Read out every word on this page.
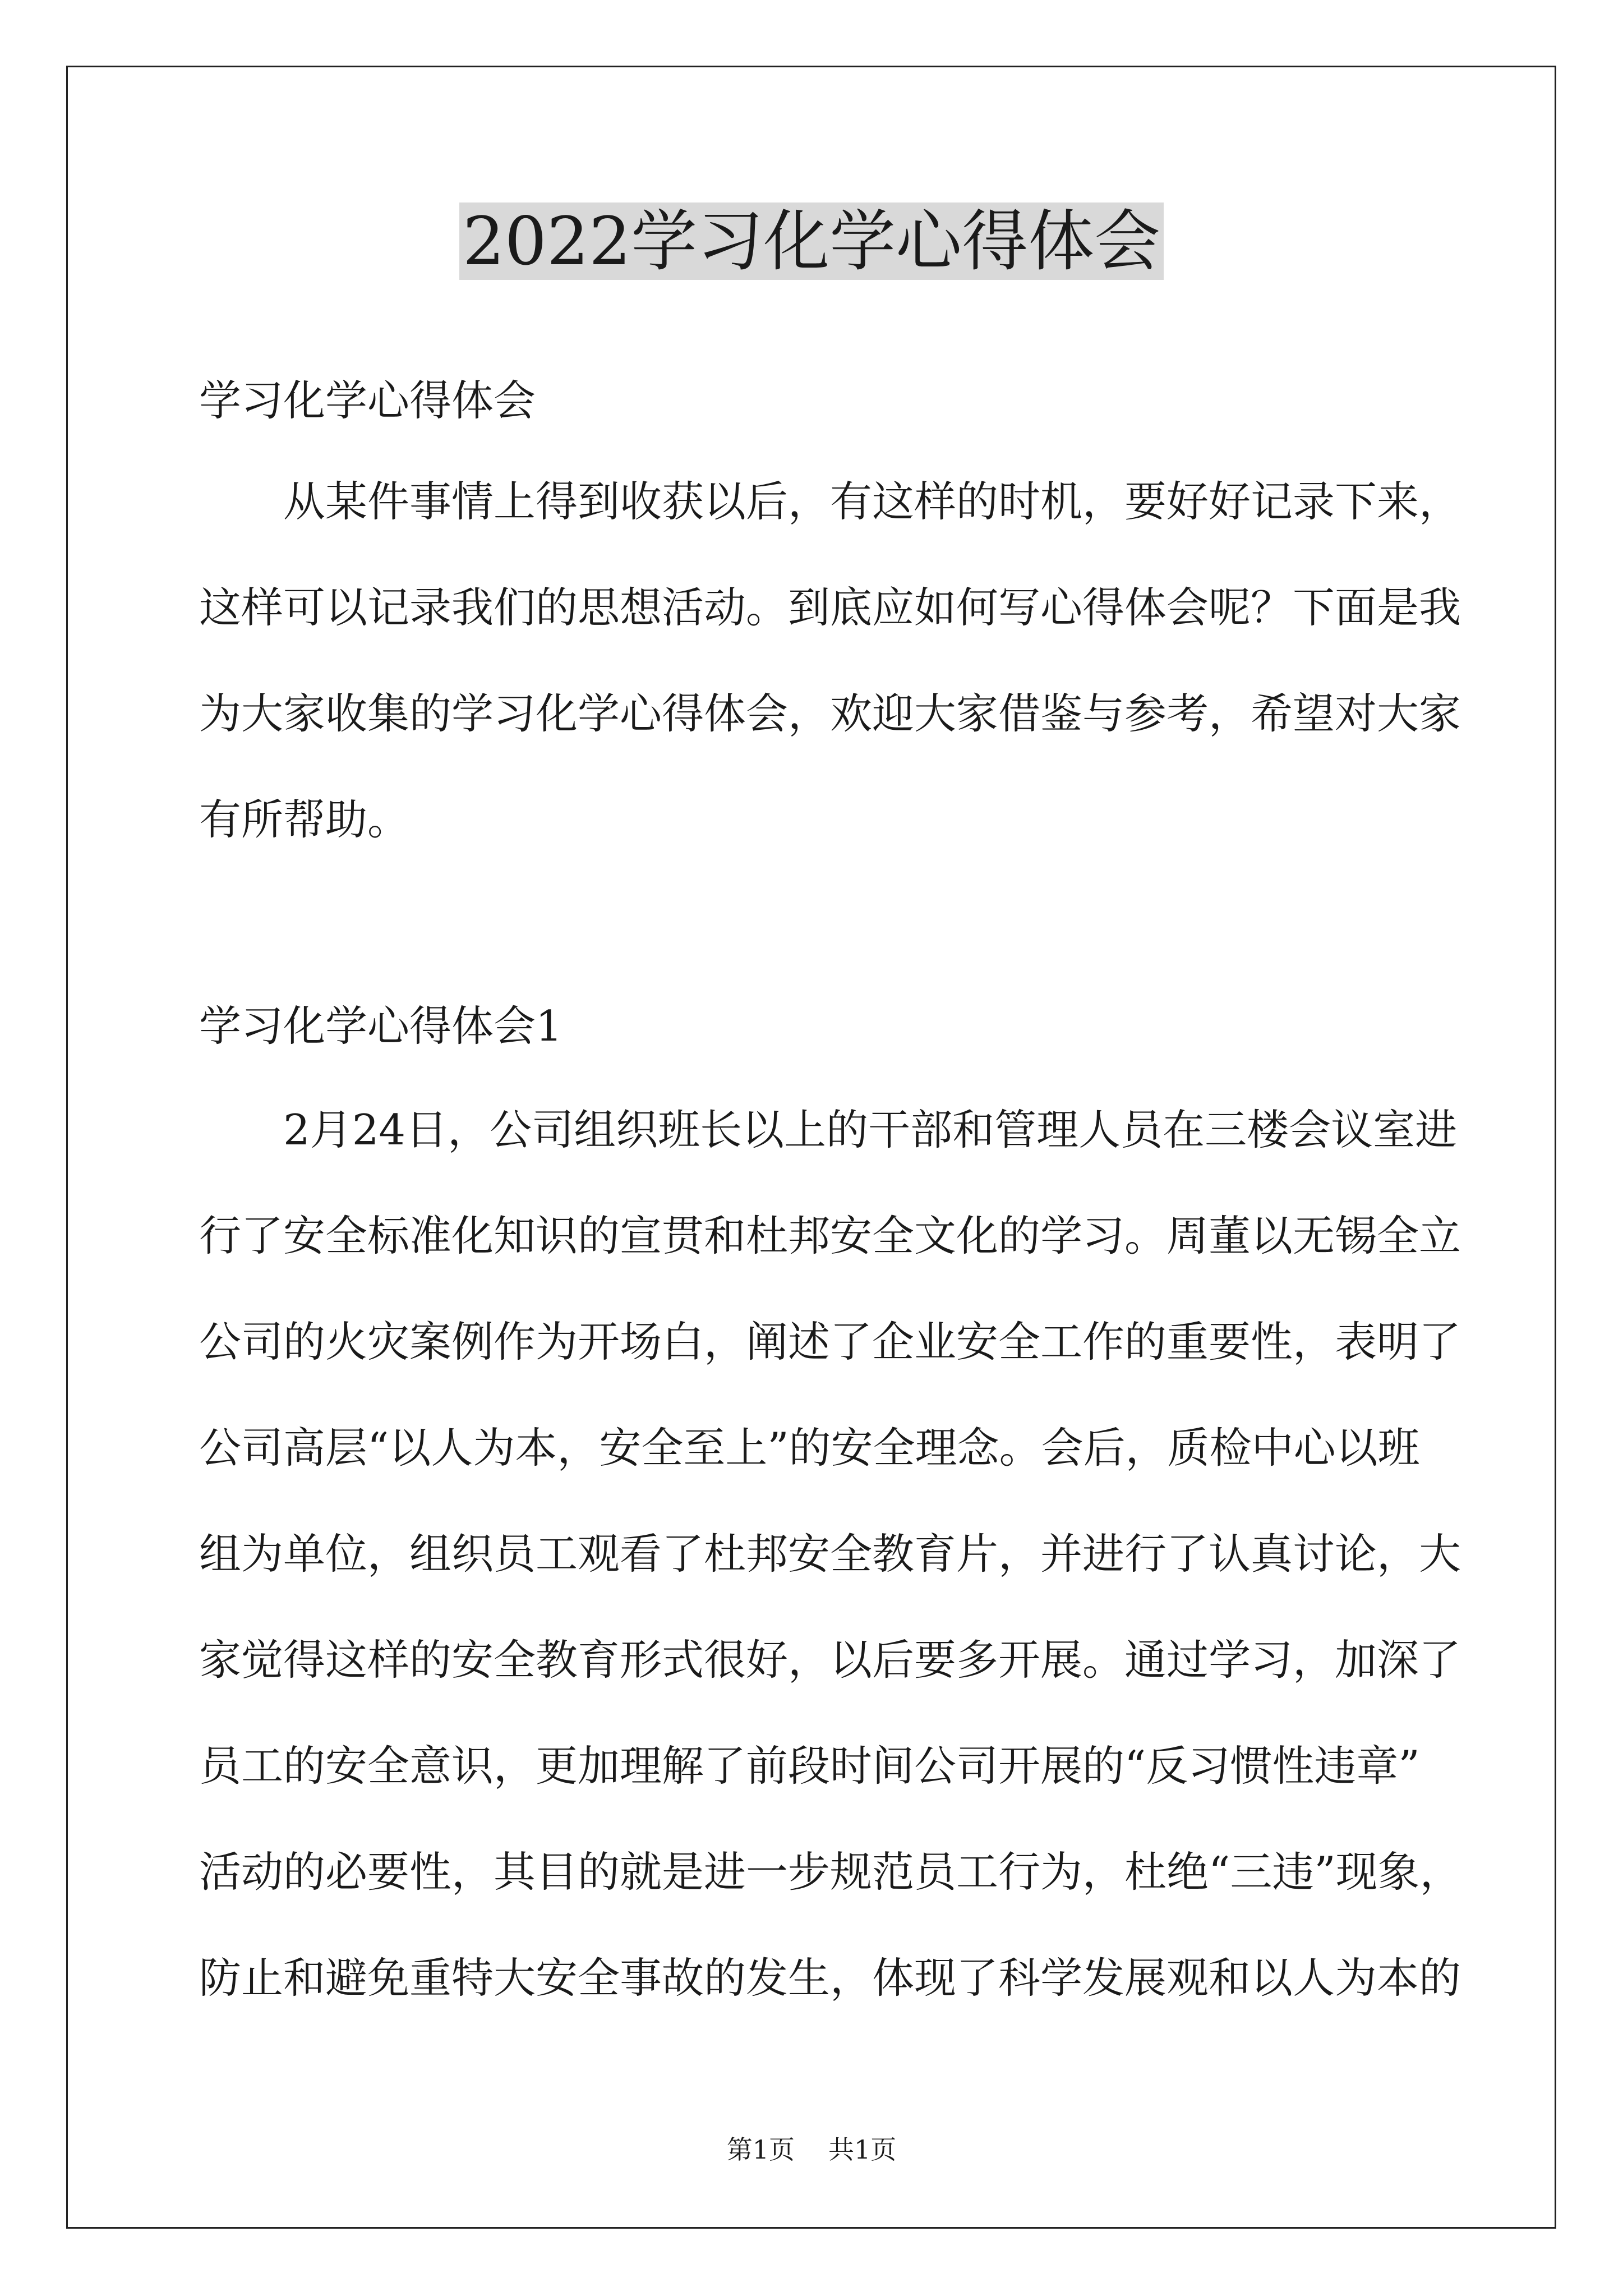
2022学习化学心得体会

学习化学心得体会

从某件事情上得到收获以后，有这样的时机，要好好记录下来，
这样可以记录我们的思想活动。到底应如何写心得体会呢？下面是我
为大家收集的学习化学心得体会，欢迎大家借鉴与参考，希望对大家
有所帮助。

学习化学心得体会1

2月24日，公司组织班长以上的干部和管理人员在三楼会议室进
行了安全标准化知识的宣贯和杜邦安全文化的学习。周董以无锡全立
公司的火灾案例作为开场白，阐述了企业安全工作的重要性，表明了
公司高层“以人为本，安全至上”的安全理念。会后，质检中心以班
组为单位，组织员工观看了杜邦安全教育片，并进行了认真讨论，大
家觉得这样的安全教育形式很好，以后要多开展。通过学习，加深了
员工的安全意识，更加理解了前段时间公司开展的“反习惯性违章”
活动的必要性，其目的就是进一步规范员工行为，杜绝“三违”现象，
防止和避免重特大安全事故的发生，体现了科学发展观和以人为本的
第1页 共1页
